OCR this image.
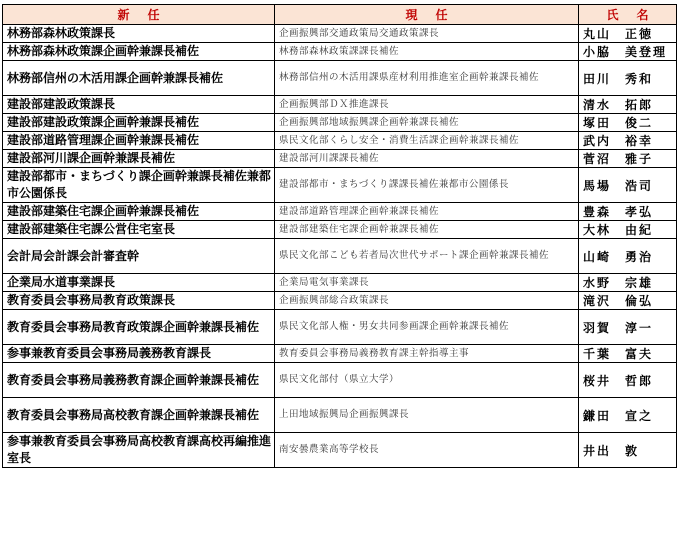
新任	現任	氏名
林務部森林政策課長	企画振興部交通政策局交通政策課長	丸山　正徳
林務部森林政策課企画幹兼課長補佐	林務部森林政策課課長補佐	小脇　美登理
林務部信州の木活用課企画幹兼課長補佐	林務部信州の木活用課県産材利用推進室企画幹兼課長補佐	田川　秀和
建設部建設政策課長	企画振興部ＤＸ推進課長	清水　拓郎
建設部建設政策課企画幹兼課長補佐	企画振興部地域振興課企画幹兼課長補佐	塚田　俊二
建設部道路管理課企画幹兼課長補佐	県民文化部くらし安全・消費生活課企画幹兼課長補佐	武内　裕幸
建設部河川課企画幹兼課長補佐	建設部河川課課長補佐	菅沼　雅子
建設部都市・まちづくり課企画幹兼課長補佐兼都市公園係長	建設部都市・まちづくり課課長補佐兼都市公園係長	馬場　浩司
建設部建築住宅課企画幹兼課長補佐	建設部道路管理課企画幹兼課長補佐	豊森　孝弘
建設部建築住宅課公営住宅室長	建設部建築住宅課企画幹兼課長補佐	大林　由紀
会計局会計課会計審査幹	県民文化部こども若者局次世代サポート課企画幹兼課長補佐	山崎　勇治
企業局水道事業課長	企業局電気事業課長	水野　宗雄
教育委員会事務局教育政策課長	企画振興部総合政策課長	滝沢　倫弘
教育委員会事務局教育政策課企画幹兼課長補佐	県民文化部人権・男女共同参画課企画幹兼課長補佐	羽賀　淳一
参事兼教育委員会事務局義務教育課長	教育委員会事務局義務教育課主幹指導主事	千葉　富夫
教育委員会事務局義務教育課企画幹兼課長補佐	県民文化部付（県立大学）	桜井　哲郎
教育委員会事務局高校教育課企画幹兼課長補佐	上田地域振興局企画振興課長	鎌田　宣之
参事兼教育委員会事務局高校教育課高校再編推進室長	南安曇農業高等学校長	井出　敦
